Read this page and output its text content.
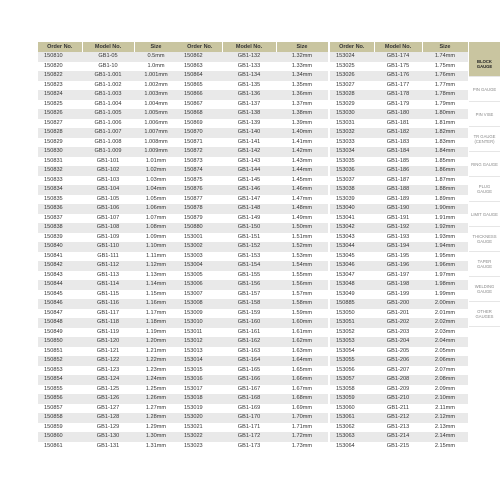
Order No.	Model No.	Size
150810	GB1-05	0.5mm
150820	GB1-10	1.0mm
150822	GB1-1.001	1.001mm
150823	GB1-1.002	1.002mm
150824	GB1-1.003	1.003mm
150825	GB1-1.004	1.004mm
150826	GB1-1.005	1.005mm
150827	GB1-1.006	1.006mm
150828	GB1-1.007	1.007mm
150829	GB1-1.008	1.008mm
150830	GB1-1.009	1.009mm
150831	GB1-101	1.01mm
150832	GB1-102	1.02mm
150833	GB1-103	1.03mm
150834	GB1-104	1.04mm
150835	GB1-105	1.05mm
150836	GB1-106	1.06mm
150837	GB1-107	1.07mm
150838	GB1-108	1.08mm
150839	GB1-109	1.09mm
150840	GB1-110	1.10mm
150841	GB1-111	1.11mm
150842	GB1-112	1.12mm
150843	GB1-113	1.13mm
150844	GB1-114	1.14mm
150845	GB1-115	1.15mm
150846	GB1-116	1.16mm
150847	GB1-117	1.17mm
150848	GB1-118	1.18mm
150849	GB1-119	1.19mm
150850	GB1-120	1.20mm
150851	GB1-121	1.21mm
150852	GB1-122	1.22mm
150853	GB1-123	1.23mm
150854	GB1-124	1.24mm
150855	GB1-125	1.25mm
150856	GB1-126	1.26mm
150857	GB1-127	1.27mm
150858	GB1-128	1.28mm
150859	GB1-129	1.29mm
150860	GB1-130	1.30mm
150861	GB1-131	1.31mm
Order No.	Model No.	Size
150862	GB1-132	1.32mm
150863	GB1-133	1.33mm
150864	GB1-134	1.34mm
150865	GB1-135	1.35mm
150866	GB1-136	1.36mm
150867	GB1-137	1.37mm
150868	GB1-138	1.38mm
150869	GB1-139	1.39mm
150870	GB1-140	1.40mm
150871	GB1-141	1.41mm
150872	GB1-142	1.42mm
150873	GB1-143	1.43mm
150874	GB1-144	1.44mm
150875	GB1-145	1.45mm
150876	GB1-146	1.46mm
150877	GB1-147	1.47mm
150878	GB1-148	1.48mm
150879	GB1-149	1.49mm
150880	GB1-150	1.50mm
153001	GB1-151	1.51mm
153002	GB1-152	1.52mm
153003	GB1-153	1.53mm
153004	GB1-154	1.54mm
153005	GB1-155	1.55mm
153006	GB1-156	1.56mm
153007	GB1-157	1.57mm
153008	GB1-158	1.58mm
153009	GB1-159	1.59mm
153010	GB1-160	1.60mm
153011	GB1-161	1.61mm
153012	GB1-162	1.62mm
153013	GB1-163	1.63mm
153014	GB1-164	1.64mm
153015	GB1-165	1.65mm
153016	GB1-166	1.66mm
153017	GB1-167	1.67mm
153018	GB1-168	1.68mm
153019	GB1-169	1.69mm
153020	GB1-170	1.70mm
153021	GB1-171	1.71mm
153022	GB1-172	1.72mm
153023	GB1-173	1.73mm
Order No.	Model No.	Size
153024	GB1-174	1.74mm
153025	GB1-175	1.75mm
153026	GB1-176	1.76mm
153027	GB1-177	1.77mm
153028	GB1-178	1.78mm
153029	GB1-179	1.79mm
153030	GB1-180	1.80mm
153031	GB1-181	1.81mm
153032	GB1-182	1.82mm
153033	GB1-183	1.83mm
153034	GB1-184	1.84mm
153035	GB1-185	1.85mm
153036	GB1-186	1.86mm
153037	GB1-187	1.87mm
153038	GB1-188	1.88mm
153039	GB1-189	1.89mm
153040	GB1-190	1.90mm
153041	GB1-191	1.91mm
153042	GB1-192	1.92mm
153043	GB1-193	1.93mm
153044	GB1-194	1.94mm
153045	GB1-195	1.95mm
153046	GB1-196	1.96mm
153047	GB1-197	1.97mm
153048	GB1-198	1.98mm
153049	GB1-199	1.99mm
150885	GB1-200	2.00mm
153050	GB1-201	2.01mm
153051	GB1-202	2.02mm
153052	GB1-203	2.03mm
153053	GB1-204	2.04mm
153054	GB1-205	2.05mm
153055	GB1-206	2.06mm
153056	GB1-207	2.07mm
153057	GB1-208	2.08mm
153058	GB1-209	2.09mm
153059	GB1-210	2.10mm
153060	GB1-211	2.11mm
153061	GB1-212	2.12mm
153062	GB1-213	2.13mm
153063	GB1-214	2.14mm
153064	GB1-215	2.15mm
BLOCK GAUGE
PIN GAUGE
PIN VISE
TR GAUGE (CENTER)
RING GAUGE
PLUG GAUGE
LIMIT GAUGE
THICKNESS GAUGE
TAPER GAUGE
WELDING GAUGE
OTHER GAUGES
